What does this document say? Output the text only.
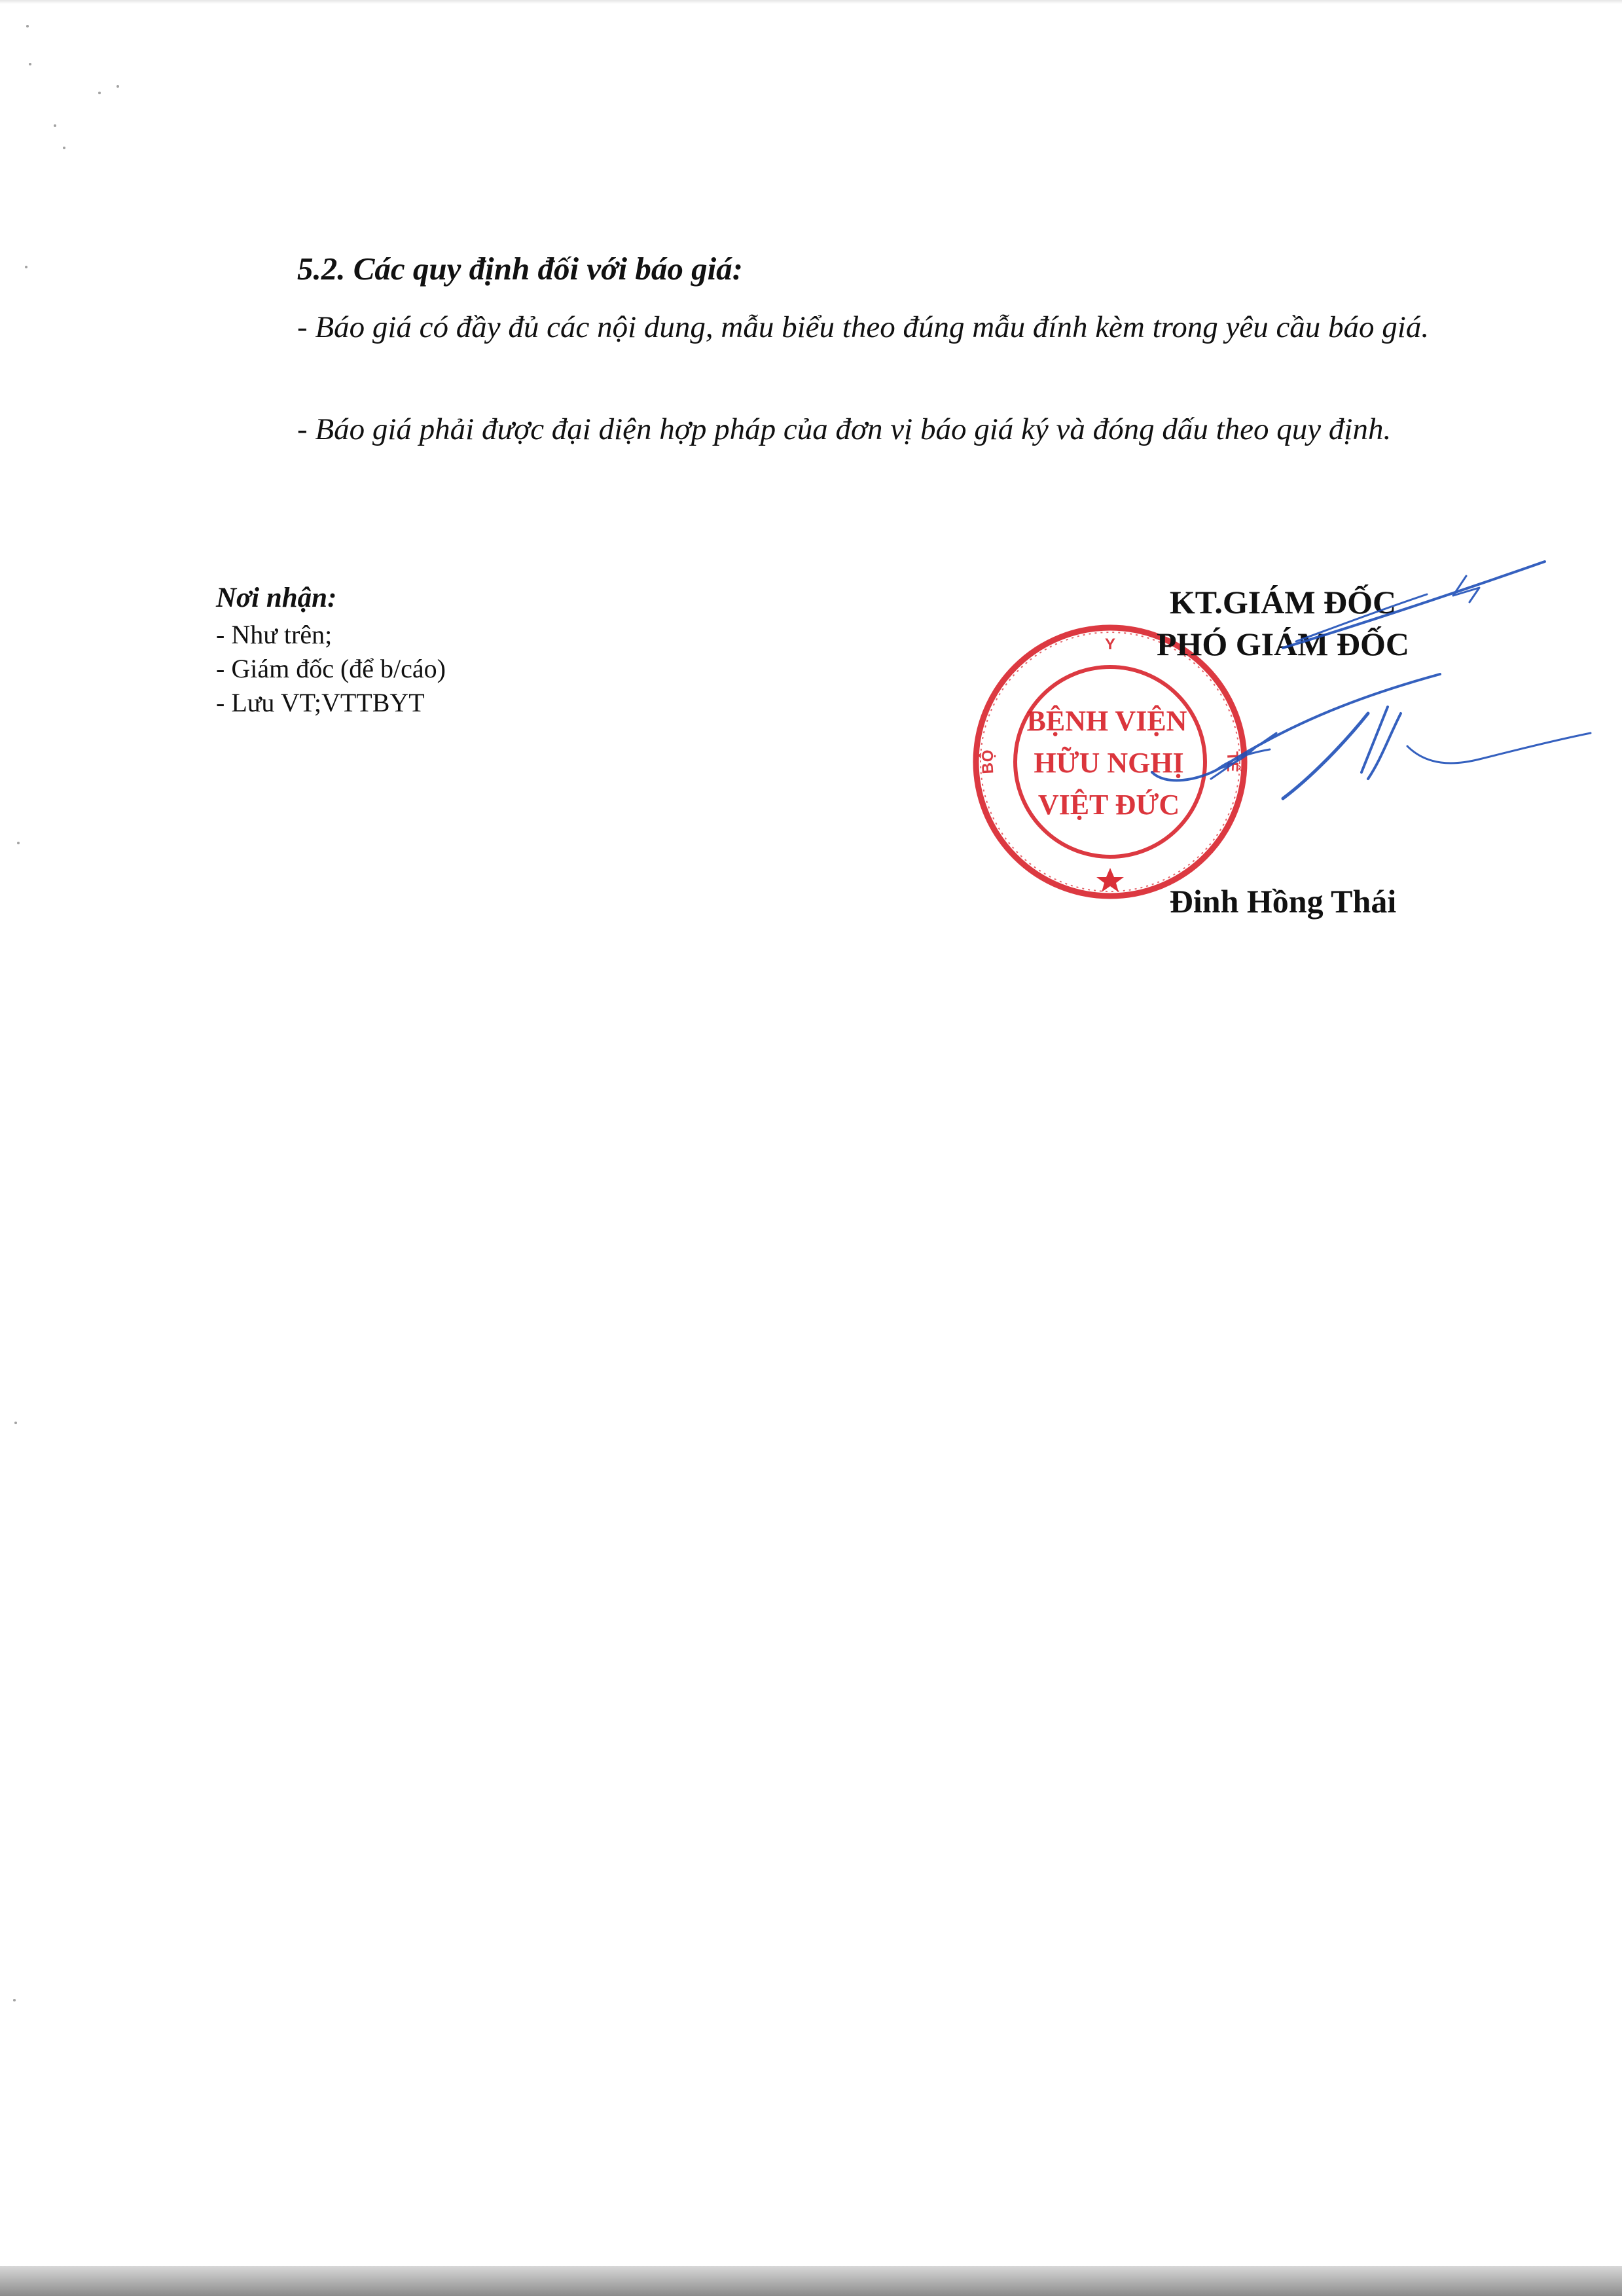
5.2. Các quy định đối với báo giá:

- Báo giá có đầy đủ các nội dung, mẫu biểu theo đúng mẫu đính kèm trong yêu cầu báo giá.

- Báo giá phải được đại diện hợp pháp của đơn vị báo giá ký và đóng dấu theo quy định.

Nơi nhận:
- Như trên;
- Giám đốc (để b/cáo)
- Lưu VT;VTTBYT
Y
BỘ	TẾ
BỆNH VIỆN
HỮU NGHỊ
VIỆT ĐỨC
KT.GIÁM ĐỐC
PHÓ GIÁM ĐỐC
Đinh Hồng Thái
